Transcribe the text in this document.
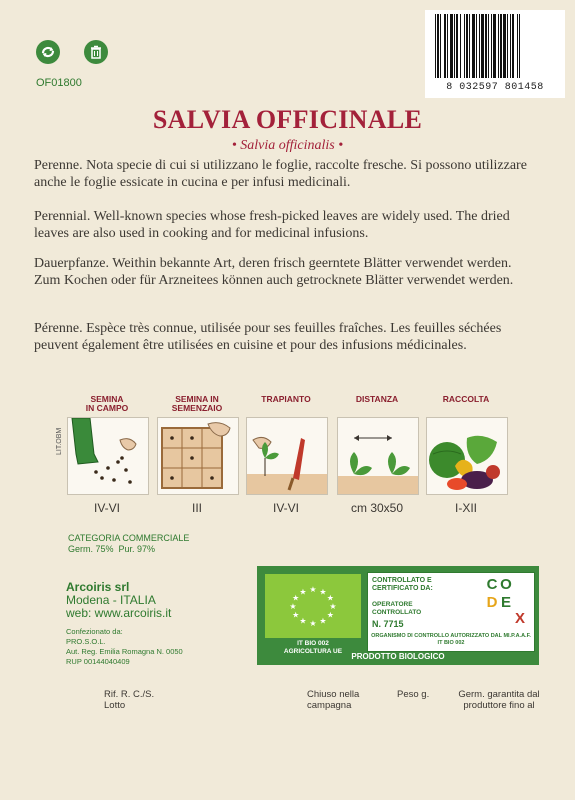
OF01800	8 032597 801458
SALVIA OFFICINALE
• Salvia officinalis •
Perenne. Nota specie di cui si utilizzano le foglie, raccolte fresche. Si possono utilizzare anche le foglie essicate in cucina e per infusi medicinali.
Perennial. Well-known species whose fresh-picked leaves are widely used. The dried leaves are also used in cooking and for medicinal infusions.
Dauerpfanze. Weithin bekannte Art, deren frisch geerntete Blätter verwendet werden. Zum Kochen oder für Arzneitees können auch getrocknete Blätter verwendet werden.
Pérenne. Espèce très connue, utilisée pour ses feuilles fraîches. Les feuilles séchées peuvent également être utilisées en cuisine et pour des infusions médicinales.
LIT.OBM
SEMINA
IN CAMPO
IV-VI
SEMINA IN
SEMENZAIO
III
TRAPIANTO
IV-VI
DISTANZA
cm 30x50
RACCOLTA
I-XII
CATEGORIA COMMERCIALE
Germ. 75% Pur. 97%
Arcoiris srl
Modena - ITALIA
web: www.arcoiris.it
Confezionato da:
PRO.S.O.L.
Aut. Reg. Emilia Romagna N. 0050
RUP 00144040409
★
★
★
★
★
★
★
★
★ ★ ★
★
IT BIO 002
AGRICOLTURA UE
CONTROLLATO E CERTIFICATO DA:
OPERATORE CONTROLLATO
N. 7715
ORGANISMO DI CONTROLLO AUTORIZZATO DAL MI.P.A.A.F. IT BIO 002
C O
D E
X
PRODOTTO BIOLOGICO
Rif. R. C./S.
Lotto
Chiuso nella campagna
Peso g.	Germ. garantita dal produttore fino al
